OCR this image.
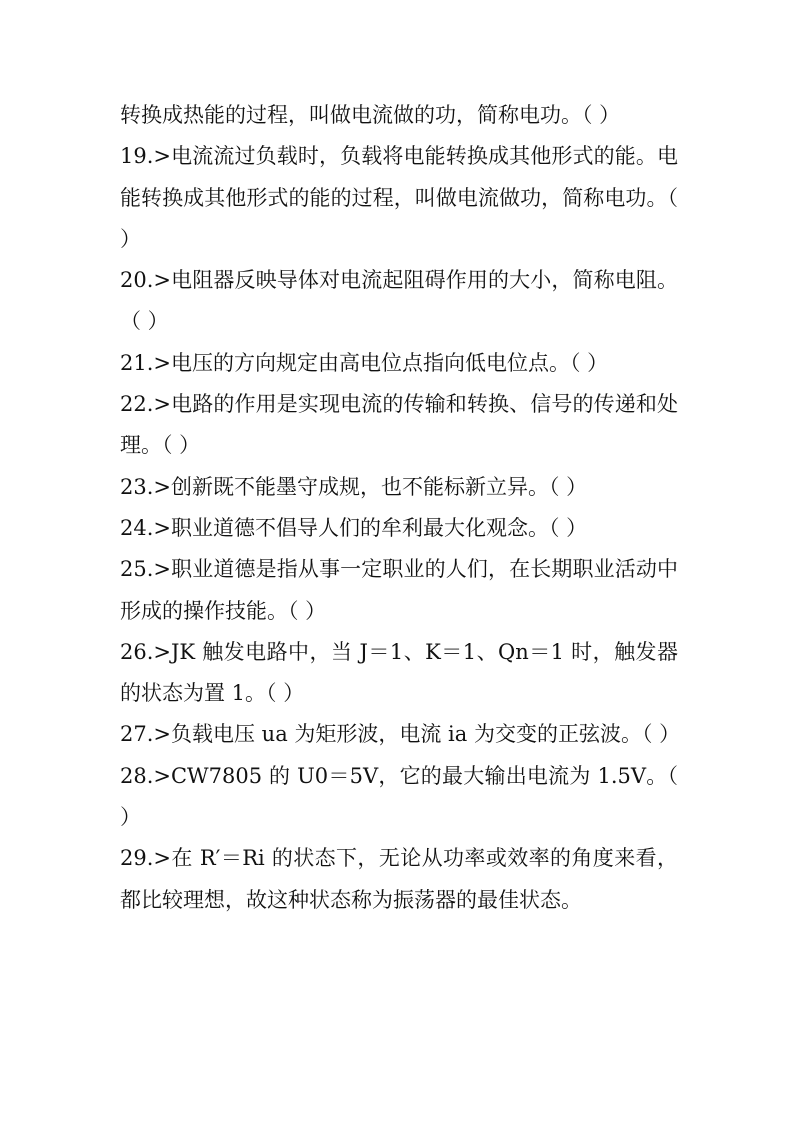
转换成热能的过程，叫做电流做的功，简称电功。（ ）

19.>电流流过负载时，负载将电能转换成其他形式的能。电能转换成其他形式的能的过程，叫做电流做功，简称电功。（ ）

20.>电阻器反映导体对电流起阻碍作用的大小，简称电阻。（ ）

21.>电压的方向规定由高电位点指向低电位点。（ ）

22.>电路的作用是实现电流的传输和转换、信号的传递和处理。（ ）

23.>创新既不能墨守成规，也不能标新立异。（ ）

24.>职业道德不倡导人们的牟利最大化观念。（ ）

25.>职业道德是指从事一定职业的人们，在长期职业活动中形成的操作技能。（ ）

26.>JK 触发电路中，当 J＝1、K＝1、Qn＝1 时，触发器的状态为置 1。（ ）

27.>负载电压 ua 为矩形波，电流 ia 为交变的正弦波。（ ）

28.>CW7805 的 U0＝5V，它的最大输出电流为 1.5V。（ ）

29.>在 R′＝Ri 的状态下，无论从功率或效率的角度来看，都比较理想，故这种状态称为振荡器的最佳状态。
